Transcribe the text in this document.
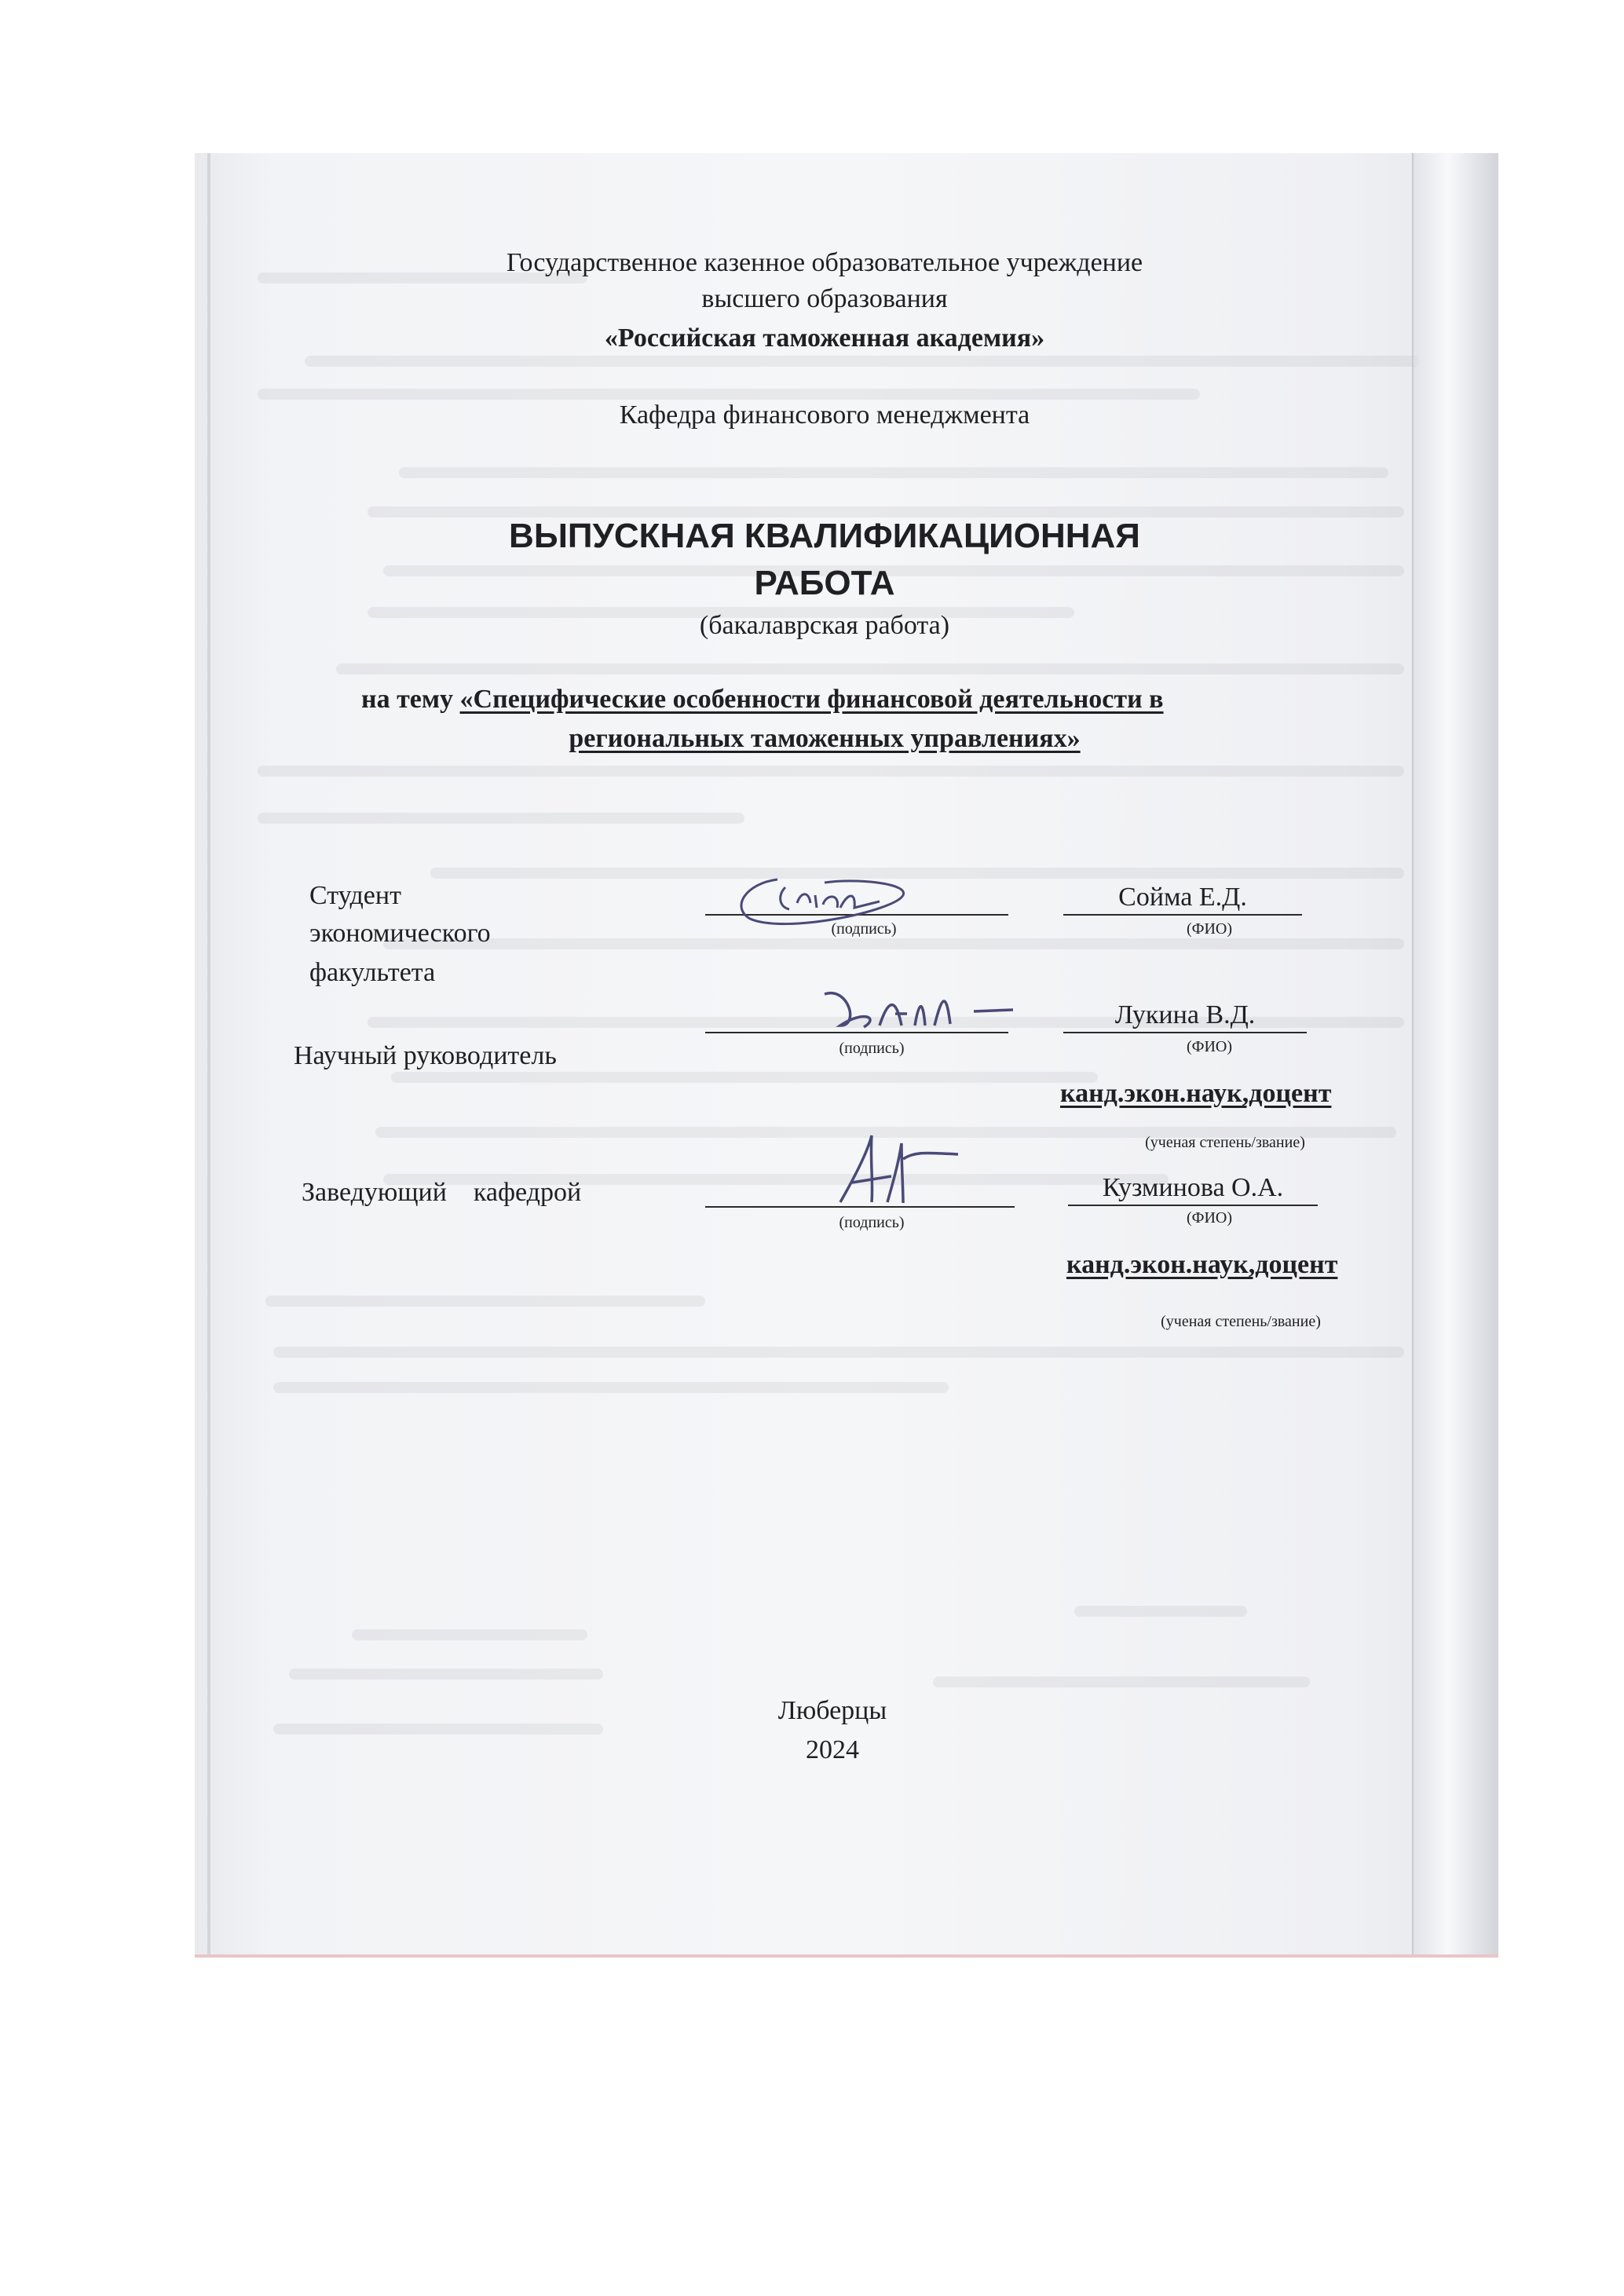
Государственное казенное образовательное учреждение
высшего образования
«Российская таможенная академия»
Кафедра финансового менеджмента
ВЫПУСКНАЯ КВАЛИФИКАЦИОННАЯ
РАБОТА
(бакалаврская работа)
на тему «Специфические особенности финансовой деятельности в
региональных таможенных управлениях»
Студент
экономического
факультета
(подпись)
Сойма Е.Д.
(ФИО)
Научный руководитель	(подпись)
Лукина В.Д.
(ФИО)
канд.экон.наук,доцент
(ученая степень/звание)
Заведующий    кафедрой
(подпись)
Кузминова О.А.
(ФИО)
канд.экон.наук,доцент
(ученая степень/звание)
Люберцы
2024
